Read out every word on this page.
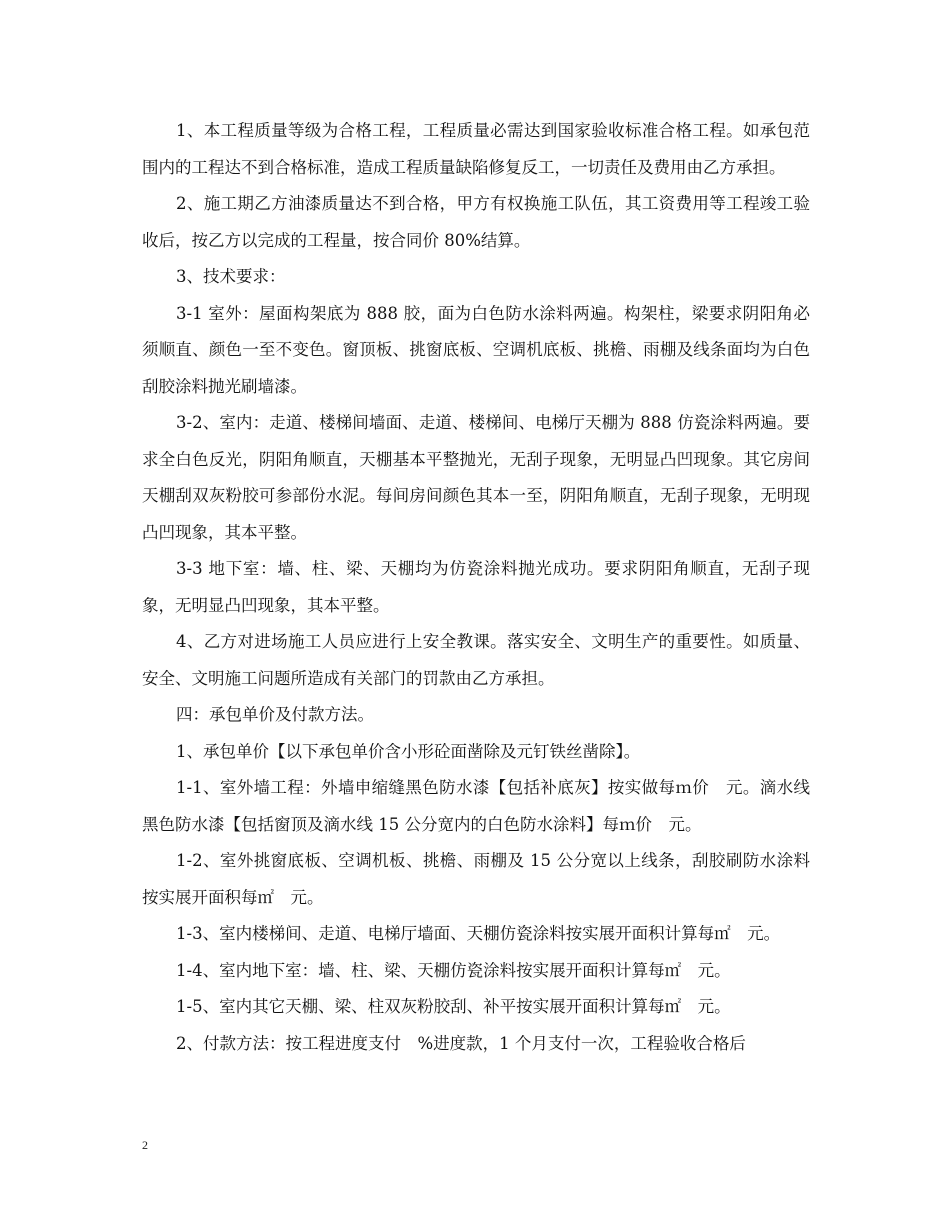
1、本工程质量等级为合格工程，工程质量必需达到国家验收标准合格工程。如承包范围内的工程达不到合格标准，造成工程质量缺陷修复反工，一切责任及费用由乙方承担。

2、施工期乙方油漆质量达不到合格，甲方有权换施工队伍，其工资费用等工程竣工验收后，按乙方以完成的工程量，按合同价 80%结算。

3、技术要求：

3-1 室外：屋面构架底为 888 胶，面为白色防水涂料两遍。构架柱，梁要求阴阳角必须顺直、颜色一至不变色。窗顶板、挑窗底板、空调机底板、挑檐、雨棚及线条面均为白色刮胶涂料抛光刷墙漆。

3-2、室内：走道、楼梯间墙面、走道、楼梯间、电梯厅天棚为 888 仿瓷涂料两遍。要求全白色反光，阴阳角顺直，天棚基本平整抛光，无刮子现象，无明显凸凹现象。其它房间天棚刮双灰粉胶可参部份水泥。每间房间颜色其本一至，阴阳角顺直，无刮子现象，无明现凸凹现象，其本平整。

3-3 地下室：墙、柱、梁、天棚均为仿瓷涂料抛光成功。要求阴阳角顺直，无刮子现象，无明显凸凹现象，其本平整。

4、乙方对进场施工人员应进行上安全教课。落实安全、文明生产的重要性。如质量、安全、文明施工问题所造成有关部门的罚款由乙方承担。

四：承包单价及付款方法。

1、承包单价【以下承包单价含小形砼面凿除及元钉铁丝凿除】。

1-1、室外墙工程：外墙申缩缝黑色防水漆【包括补底灰】按实做每ｍ价　元。滴水线黑色防水漆【包括窗顶及滴水线 15 公分宽内的白色防水涂料】每ｍ价　元。

1-2、室外挑窗底板、空调机板、挑檐、雨棚及 15 公分宽以上线条，刮胶刷防水涂料按实展开面积每㎡　元。

1-3、室内楼梯间、走道、电梯厅墙面、天棚仿瓷涂料按实展开面积计算每㎡　元。

1-4、室内地下室：墙、柱、梁、天棚仿瓷涂料按实展开面积计算每㎡　元。

1-5、室内其它天棚、梁、柱双灰粉胶刮、补平按实展开面积计算每㎡　元。

2、付款方法：按工程进度支付　%进度款，1 个月支付一次，工程验收合格后

2
